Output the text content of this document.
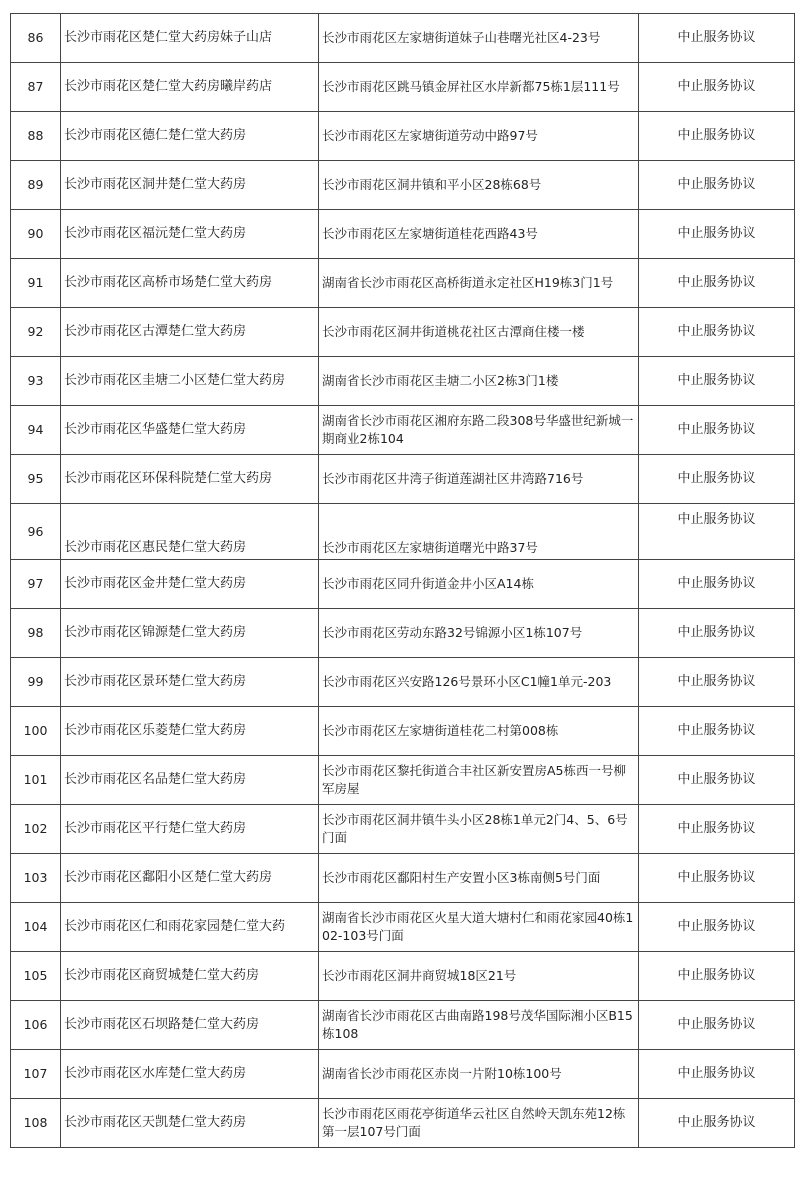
86	长沙市雨花区楚仁堂大药房妹子山店	长沙市雨花区左家塘街道妹子山巷曙光社区4-23号	中止服务协议
87	长沙市雨花区楚仁堂大药房曦岸药店	长沙市雨花区跳马镇金屏社区水岸新都75栋1层111号	中止服务协议
88	长沙市雨花区德仁楚仁堂大药房	长沙市雨花区左家塘街道劳动中路97号	中止服务协议
89	长沙市雨花区洞井楚仁堂大药房	长沙市雨花区洞井镇和平小区28栋68号	中止服务协议
90	长沙市雨花区福沅楚仁堂大药房	长沙市雨花区左家塘街道桂花西路43号	中止服务协议
91	长沙市雨花区高桥市场楚仁堂大药房	湖南省长沙市雨花区高桥街道永定社区H19栋3门1号	中止服务协议
92	长沙市雨花区古潭楚仁堂大药房	长沙市雨花区洞井街道桃花社区古潭商住楼一楼	中止服务协议
93	长沙市雨花区圭塘二小区楚仁堂大药房	湖南省长沙市雨花区圭塘二小区2栋3门1楼	中止服务协议
94	长沙市雨花区华盛楚仁堂大药房	湖南省长沙市雨花区湘府东路二段308号华盛世纪新城一期商业2栋104	中止服务协议
95	长沙市雨花区环保科院楚仁堂大药房	长沙市雨花区井湾子街道莲湖社区井湾路716号	中止服务协议
96	长沙市雨花区惠民楚仁堂大药房	长沙市雨花区左家塘街道曙光中路37号	中止服务协议
97	长沙市雨花区金井楚仁堂大药房	长沙市雨花区同升街道金井小区A14栋	中止服务协议
98	长沙市雨花区锦源楚仁堂大药房	长沙市雨花区劳动东路32号锦源小区1栋107号	中止服务协议
99	长沙市雨花区景环楚仁堂大药房	长沙市雨花区兴安路126号景环小区C1幢1单元-203	中止服务协议
100	长沙市雨花区乐菱楚仁堂大药房	长沙市雨花区左家塘街道桂花二村第008栋	中止服务协议
101	长沙市雨花区名品楚仁堂大药房	长沙市雨花区黎托街道合丰社区新安置房A5栋西一号柳军房屋	中止服务协议
102	长沙市雨花区平行楚仁堂大药房	长沙市雨花区洞井镇牛头小区28栋1单元2门4、5、6号门面	中止服务协议
103	长沙市雨花区鄱阳小区楚仁堂大药房	长沙市雨花区鄱阳村生产安置小区3栋南侧5号门面	中止服务协议
104	长沙市雨花区仁和雨花家园楚仁堂大药	湖南省长沙市雨花区火星大道大塘村仁和雨花家园40栋102-103号门面	中止服务协议
105	长沙市雨花区商贸城楚仁堂大药房	长沙市雨花区洞井商贸城18区21号	中止服务协议
106	长沙市雨花区石坝路楚仁堂大药房	湖南省长沙市雨花区古曲南路198号茂华国际湘小区B15栋108	中止服务协议
107	长沙市雨花区水库楚仁堂大药房	湖南省长沙市雨花区赤岗一片附10栋100号	中止服务协议
108	长沙市雨花区天凯楚仁堂大药房	长沙市雨花区雨花亭街道华云社区自然岭天凯东苑12栋第一层107号门面	中止服务协议
